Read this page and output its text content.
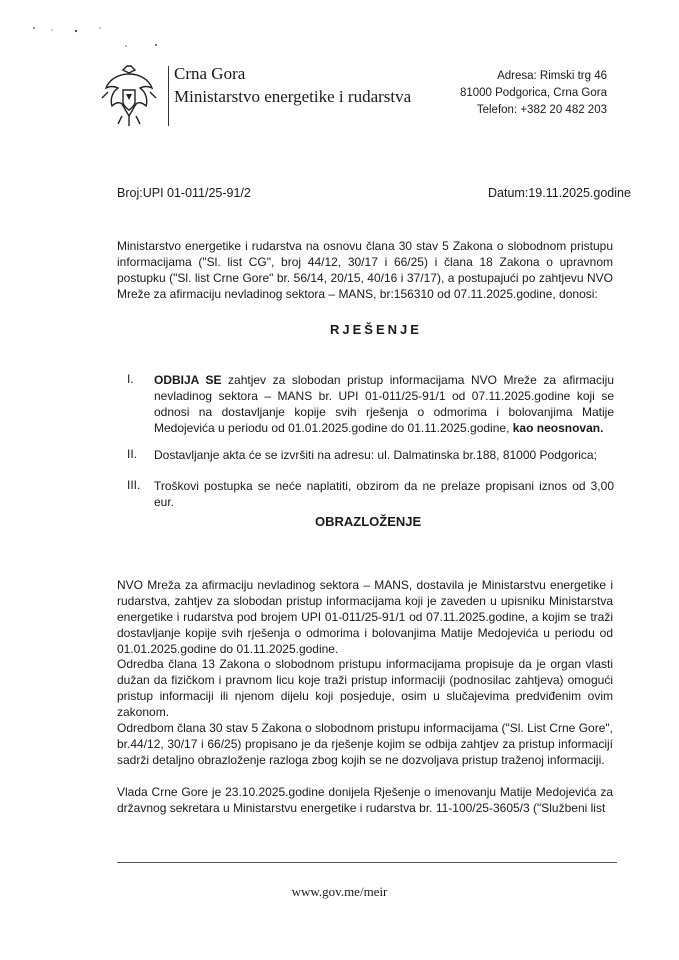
Crna Gora
Ministarstvo energetike i rudarstva
Adresa: Rimski trg 46
81000 Podgorica, Crna Gora
Telefon: +382 20 482 203
Broj:UPI 01-011/25-91/2	Datum:19.11.2025.godine

Ministarstvo energetike i rudarstva na osnovu člana 30 stav 5 Zakona o slobodnom pristupu informacijama ("Sl. list CG", broj 44/12, 30/17 i 66/25) i člana 18 Zakona o upravnom postupku ("Sl. list Crne Gore" br. 56/14, 20/15, 40/16 i 37/17), a postupajući po zahtjevu NVO Mreže za afirmaciju nevladinog sektora – MANS, br:156310 od 07.11.2025.godine, donosi:

RJEŠENJE
I. ODBIJA SE zahtjev za slobodan pristup informacijama NVO Mreže za afirmaciju nevladinog sektora – MANS br. UPI 01-011/25-91/1 od 07.11.2025.godine koji se odnosi na dostavljanje kopije svih rješenja o odmorima i bolovanjima Matije Medojevića u periodu od 01.01.2025.godine do 01.11.2025.godine, kao neosnovan.

II. Dostavljanje akta će se izvršiti na adresu: ul. Dalmatinska br.188, 81000 Podgorica;

III. Troškovi postupka se neće naplatiti, obzirom da ne prelaze propisani iznos od 3,00 eur.

OBRAZLOŽENJE

NVO Mreža za afirmaciju nevladinog sektora – MANS, dostavila je Ministarstvu energetike i rudarstva, zahtjev za slobodan pristup informacijama koji je zaveden u upisniku Ministarstva energetike i rudarstva pod brojem UPI 01-011/25-91/1 od 07.11.2025.godine, a kojim se traži dostavljanje kopije svih rješenja o odmorima i bolovanjima Matije Medojevića u periodu od 01.01.2025.godine do 01.11.2025.godine.

Odredba člana 13 Zakona o slobodnom pristupu informacijama propisuje da je organ vlasti dužan da fizičkom i pravnom licu koje traži pristup informaciji (podnosilac zahtjeva) omogući pristup informaciji ili njenom dijelu koji posjeduje, osim u slučajevima predviđenim ovim zakonom.

Odredbom člana 30 stav 5 Zakona o slobodnom pristupu informacijama ("Sl. List Crne Gore", br.44/12, 30/17 i 66/25) propisano je da rješenje kojim se odbija zahtjev za pristup informacijí sadrži detaljno obrazloženje razloga zbog kojih se ne dozvoljava pristup traženoj informaciji.

Vlada Crne Gore je 23.10.2025.godine donijela Rješenje o imenovanju Matije Medojevića za državnog sekretara u Ministarstvu energetike i rudarstva br. 11-100/25-3605/3 ("Službeni list

www.gov.me/meir
